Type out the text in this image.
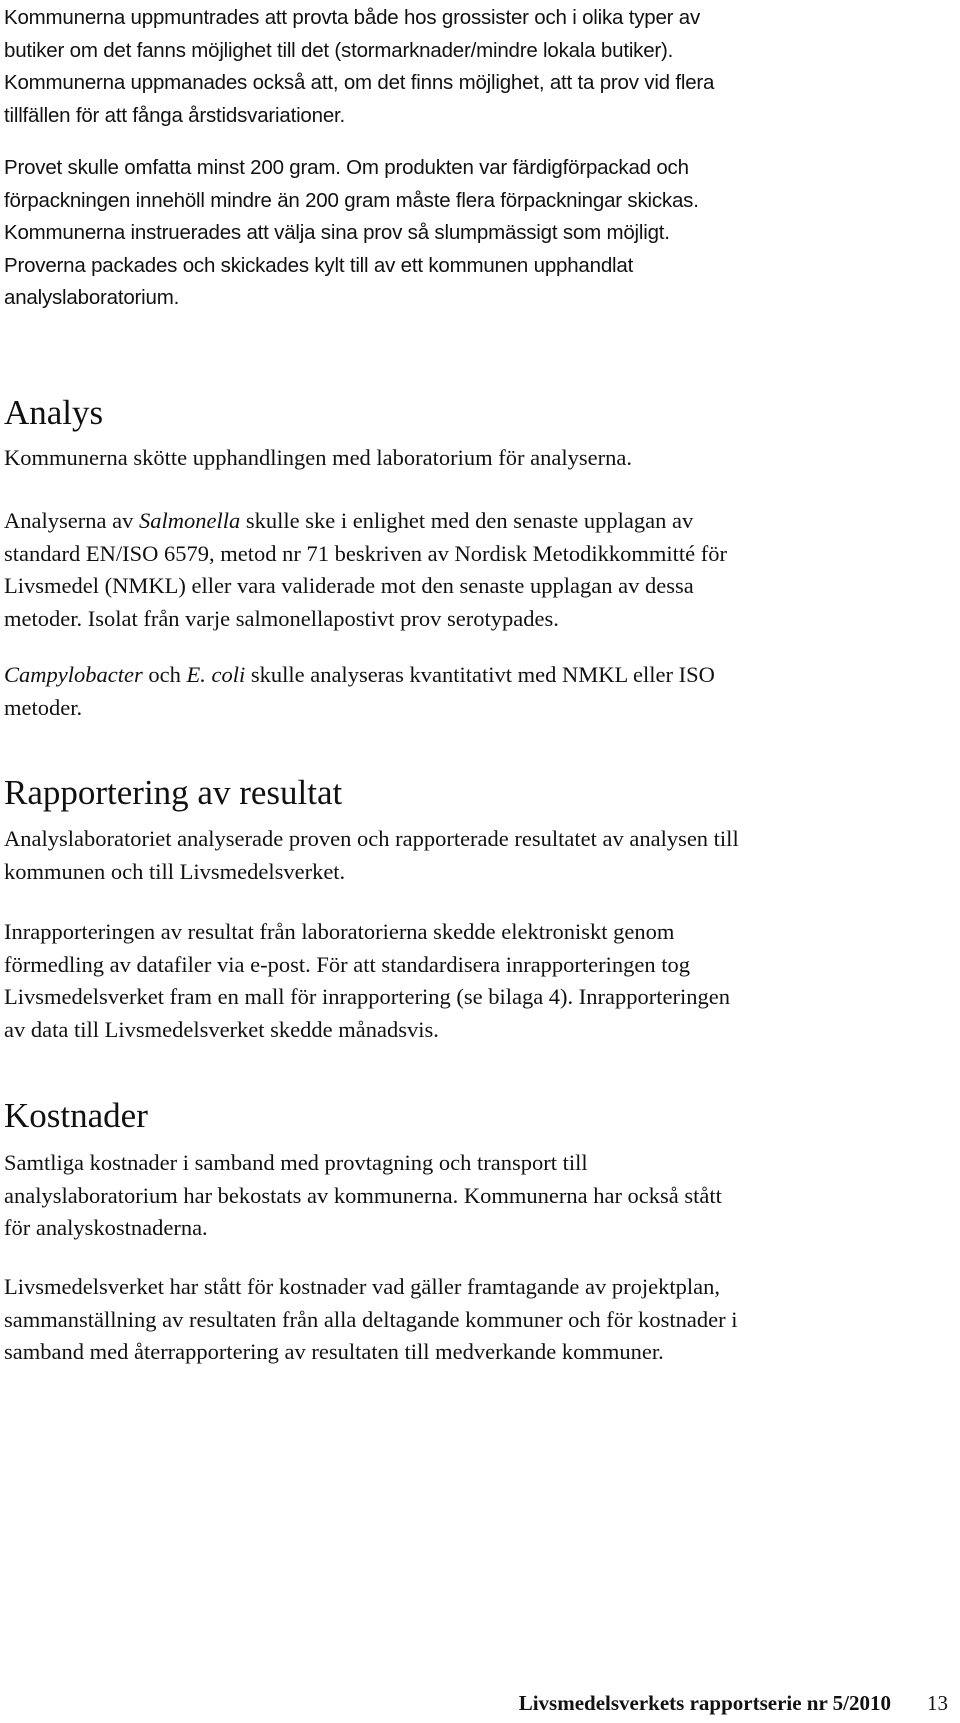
Kommunerna uppmuntrades att provta både hos grossister och i olika typer av
butiker om det fanns möjlighet till det (stormarknader/mindre lokala butiker).
Kommunerna uppmanades också att, om det finns möjlighet, att ta prov vid flera
tillfällen för att fånga årstidsvariationer.

Provet skulle omfatta minst 200 gram. Om produkten var färdigförpackad och
förpackningen innehöll mindre än 200 gram måste flera förpackningar skickas.
Kommunerna instruerades att välja sina prov så slumpmässigt som möjligt.
Proverna packades och skickades kylt till av ett kommunen upphandlat
analyslaboratorium.

Analys

Kommunerna skötte upphandlingen med laboratorium för analyserna.

Analyserna av Salmonella skulle ske i enlighet med den senaste upplagan av
standard EN/ISO 6579, metod nr 71 beskriven av Nordisk Metodikkommitté för
Livsmedel (NMKL) eller vara validerade mot den senaste upplagan av dessa
metoder. Isolat från varje salmonellapostivt prov serotypades.

Campylobacter och E. coli skulle analyseras kvantitativt med NMKL eller ISO
metoder.

Rapportering av resultat

Analyslaboratoriet analyserade proven och rapporterade resultatet av analysen till
kommunen och till Livsmedelsverket.

Inrapporteringen av resultat från laboratorierna skedde elektroniskt genom
förmedling av datafiler via e-post. För att standardisera inrapporteringen tog
Livsmedelsverket fram en mall för inrapportering (se bilaga 4). Inrapporteringen
av data till Livsmedelsverket skedde månadsvis.

Kostnader

Samtliga kostnader i samband med provtagning och transport till
analyslaboratorium har bekostats av kommunerna. Kommunerna har också stått
för analyskostnaderna.

Livsmedelsverket har stått för kostnader vad gäller framtagande av projektplan,
sammanställning av resultaten från alla deltagande kommuner och för kostnader i
samband med återrapportering av resultaten till medverkande kommuner.

Livsmedelsverkets rapportserie nr 5/2010 13
